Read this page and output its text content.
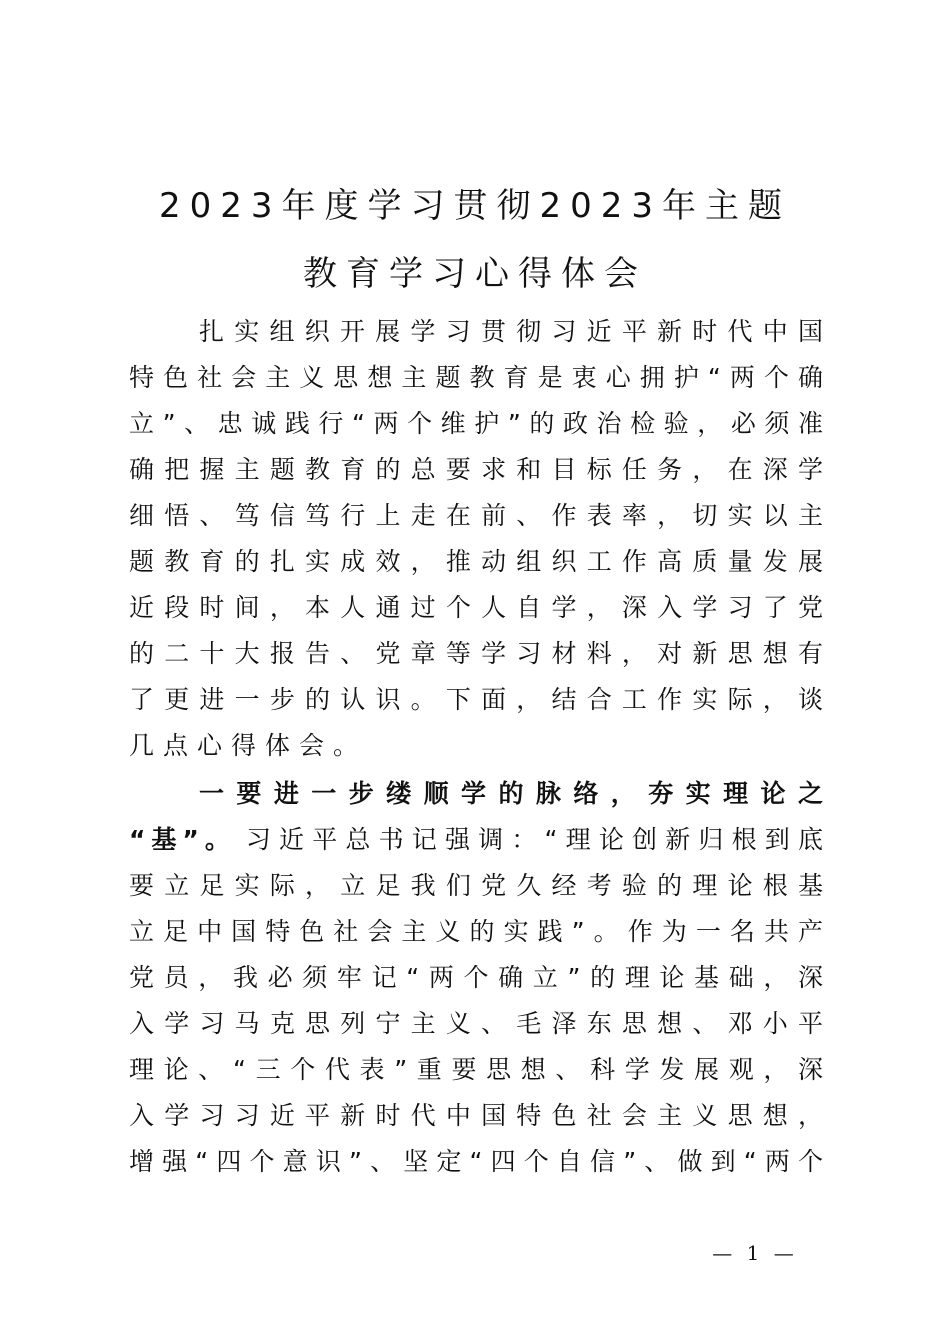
2023年度学习贯彻2023年主题
教育学习心得体会
扎实组织开展学习贯彻习近平新时代中国
特色社会主义思想主题教育是衷心拥护“两个确
立”、忠诚践行“两个维护”的政治检验，必须准
确把握主题教育的总要求和目标任务，在深学
细悟、笃信笃行上走在前、作表率，切实以主
题教育的扎实成效，推动组织工作高质量发展
近段时间，本人通过个人自学，深入学习了党
的二十大报告、党章等学习材料，对新思想有
了更进一步的认识。下面，结合工作实际，谈
几点心得体会。
一要进一步缕顺学的脉络，夯实理论之
“基”。 习近平总书记强调：“理论创新归根到底
要立足实际，立足我们党久经考验的理论根基
立足中国特色社会主义的实践”。作为一名共产
党员，我必须牢记“两个确立”的理论基础，深
入学习马克思列宁主义、毛泽东思想、邓小平
理论、“三个代表”重要思想、科学发展观，深
入学习习近平新时代中国特色社会主义思想，
增强“四个意识”、坚定“四个自信”、做到“两个
— 1 —
